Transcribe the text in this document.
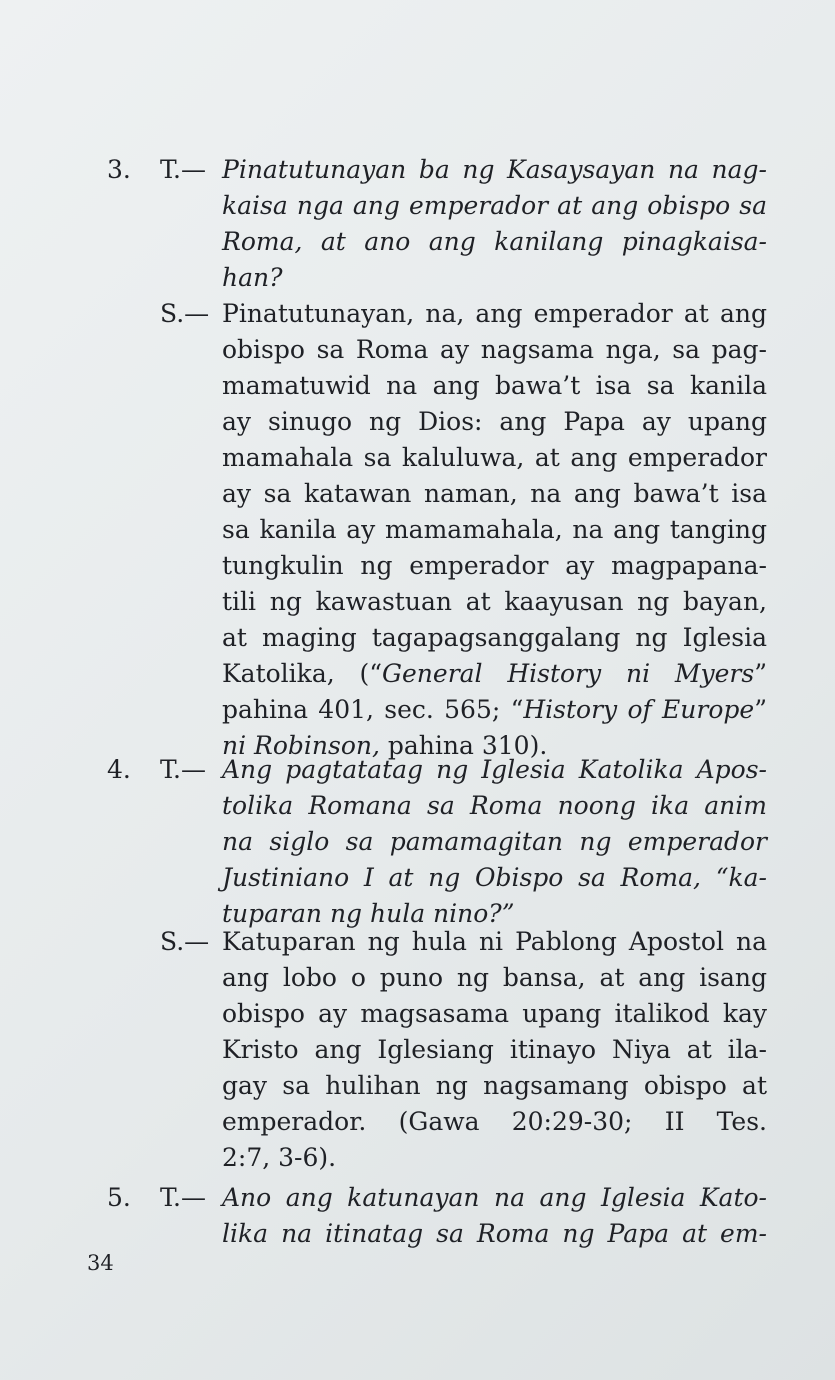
3. T.— Pinatutunayan ba ng Kasaysayan na nag-
kaisa nga ang emperador at ang obispo sa
Roma, at ano ang kanilang pinagkaisa-
han?
S.— Pinatutunayan, na, ang emperador at ang
obispo sa Roma ay nagsama nga, sa pag-
mamatuwid na ang bawa’t isa sa kanila
ay sinugo ng Dios: ang Papa ay upang
mamahala sa kaluluwa, at ang emperador
ay sa katawan naman, na ang bawa’t isa
sa kanila ay mamamahala, na ang tanging
tungkulin ng emperador ay magpapana-
tili ng kawastuan at kaayusan ng bayan,
at maging tagapagsanggalang ng Iglesia
Katolika, (“General History ni Myers”
pahina 401, sec. 565; “History of Europe”
ni Robinson, pahina 310).
4. T.— Ang pagtatatag ng Iglesia Katolika Apos-
tolika Romana sa Roma noong ika anim
na siglo sa pamamagitan ng emperador
Justiniano I at ng Obispo sa Roma, “ka-
tuparan ng hula nino?”
S.— Katuparan ng hula ni Pablong Apostol na
ang lobo o puno ng bansa, at ang isang
obispo ay magsasama upang italikod kay
Kristo ang Iglesiang itinayo Niya at ila-
gay sa hulihan ng nagsamang obispo at
emperador. (Gawa 20:29-30; II Tes.
2:7, 3-6).
5. T.— Ano ang katunayan na ang Iglesia Kato-
lika na itinatag sa Roma ng Papa at em-
34
